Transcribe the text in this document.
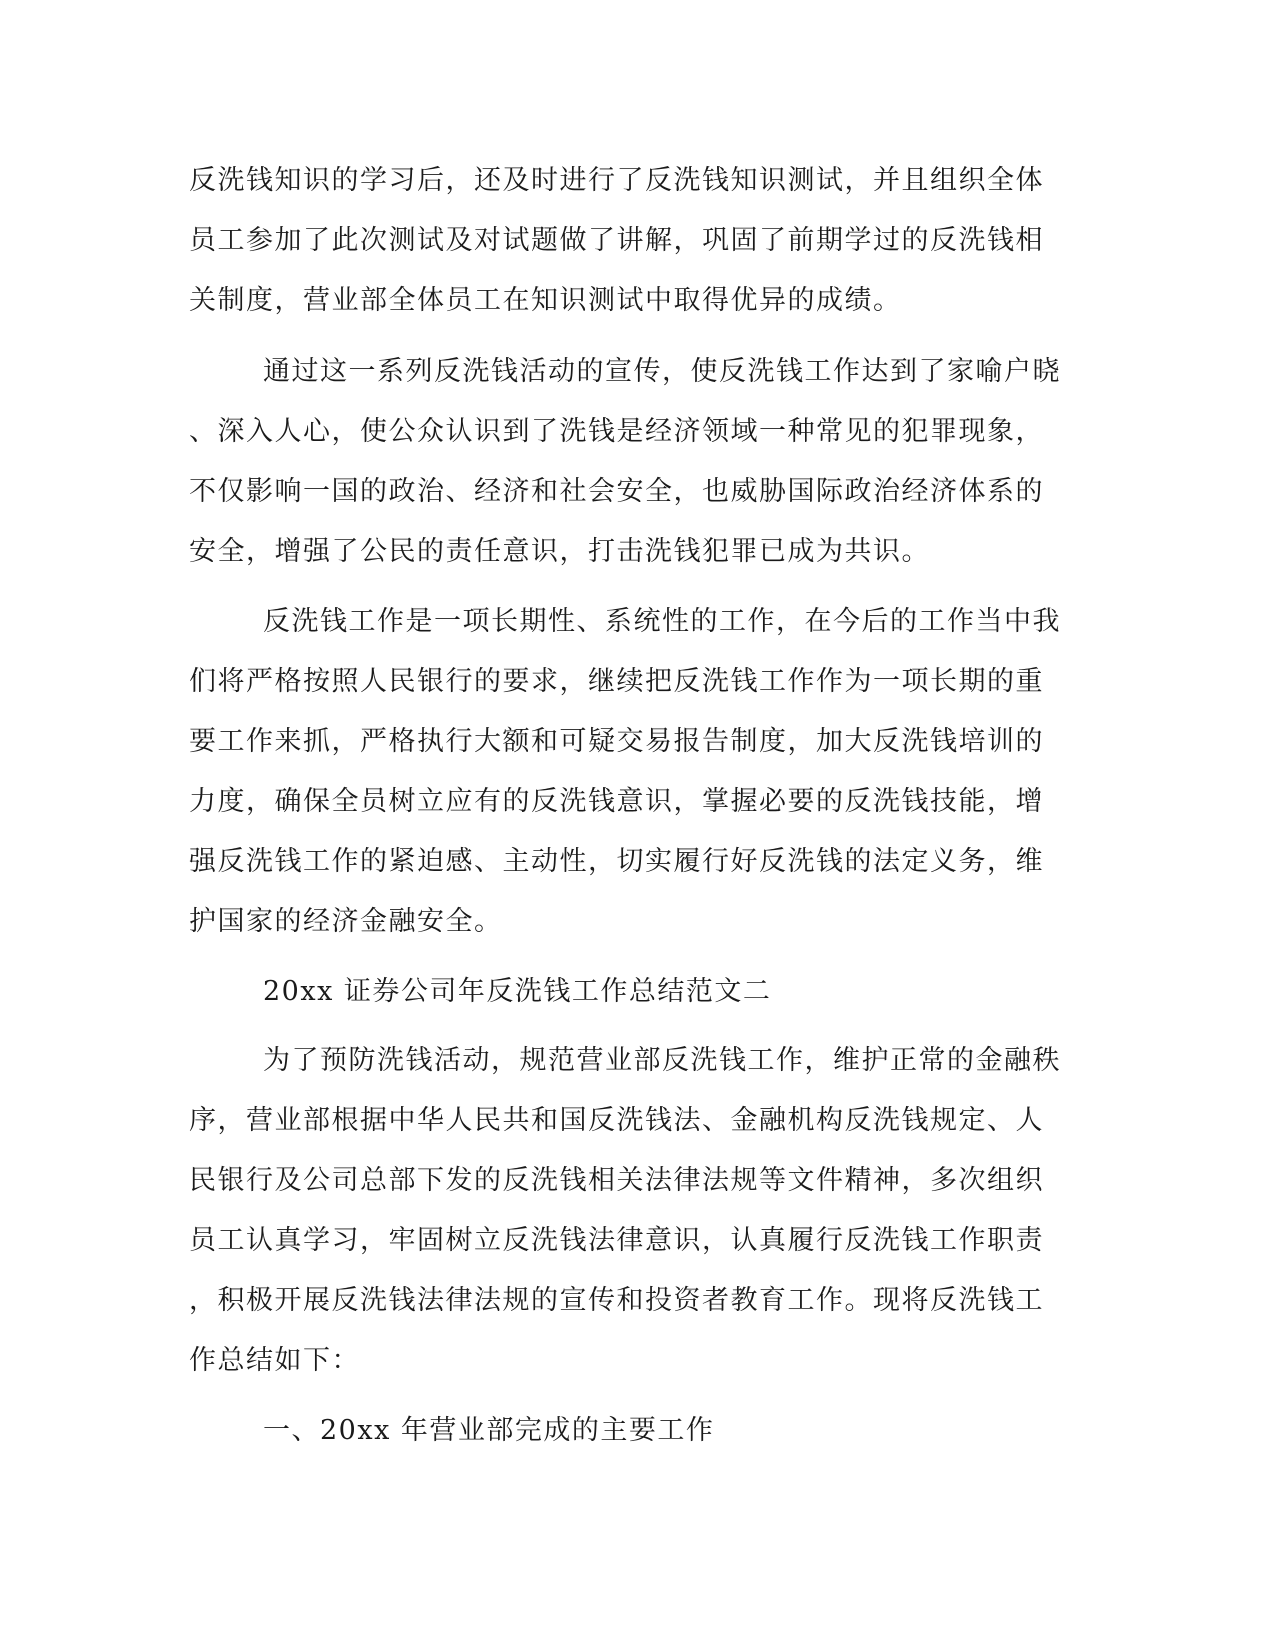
反洗钱知识的学习后，还及时进行了反洗钱知识测试，并且组织全体
员工参加了此次测试及对试题做了讲解，巩固了前期学过的反洗钱相
关制度，营业部全体员工在知识测试中取得优异的成绩。
通过这一系列反洗钱活动的宣传，使反洗钱工作达到了家喻户晓
、深入人心，使公众认识到了洗钱是经济领域一种常见的犯罪现象，
不仅影响一国的政治、经济和社会安全，也威胁国际政治经济体系的
安全，增强了公民的责任意识，打击洗钱犯罪已成为共识。
反洗钱工作是一项长期性、系统性的工作，在今后的工作当中我
们将严格按照人民银行的要求，继续把反洗钱工作作为一项长期的重
要工作来抓，严格执行大额和可疑交易报告制度，加大反洗钱培训的
力度，确保全员树立应有的反洗钱意识，掌握必要的反洗钱技能，增
强反洗钱工作的紧迫感、主动性，切实履行好反洗钱的法定义务，维
护国家的经济金融安全。
20xx 证券公司年反洗钱工作总结范文二
为了预防洗钱活动，规范营业部反洗钱工作，维护正常的金融秩
序，营业部根据中华人民共和国反洗钱法、金融机构反洗钱规定、人
民银行及公司总部下发的反洗钱相关法律法规等文件精神，多次组织
员工认真学习，牢固树立反洗钱法律意识，认真履行反洗钱工作职责
，积极开展反洗钱法律法规的宣传和投资者教育工作。现将反洗钱工
作总结如下：
一、20xx 年营业部完成的主要工作
